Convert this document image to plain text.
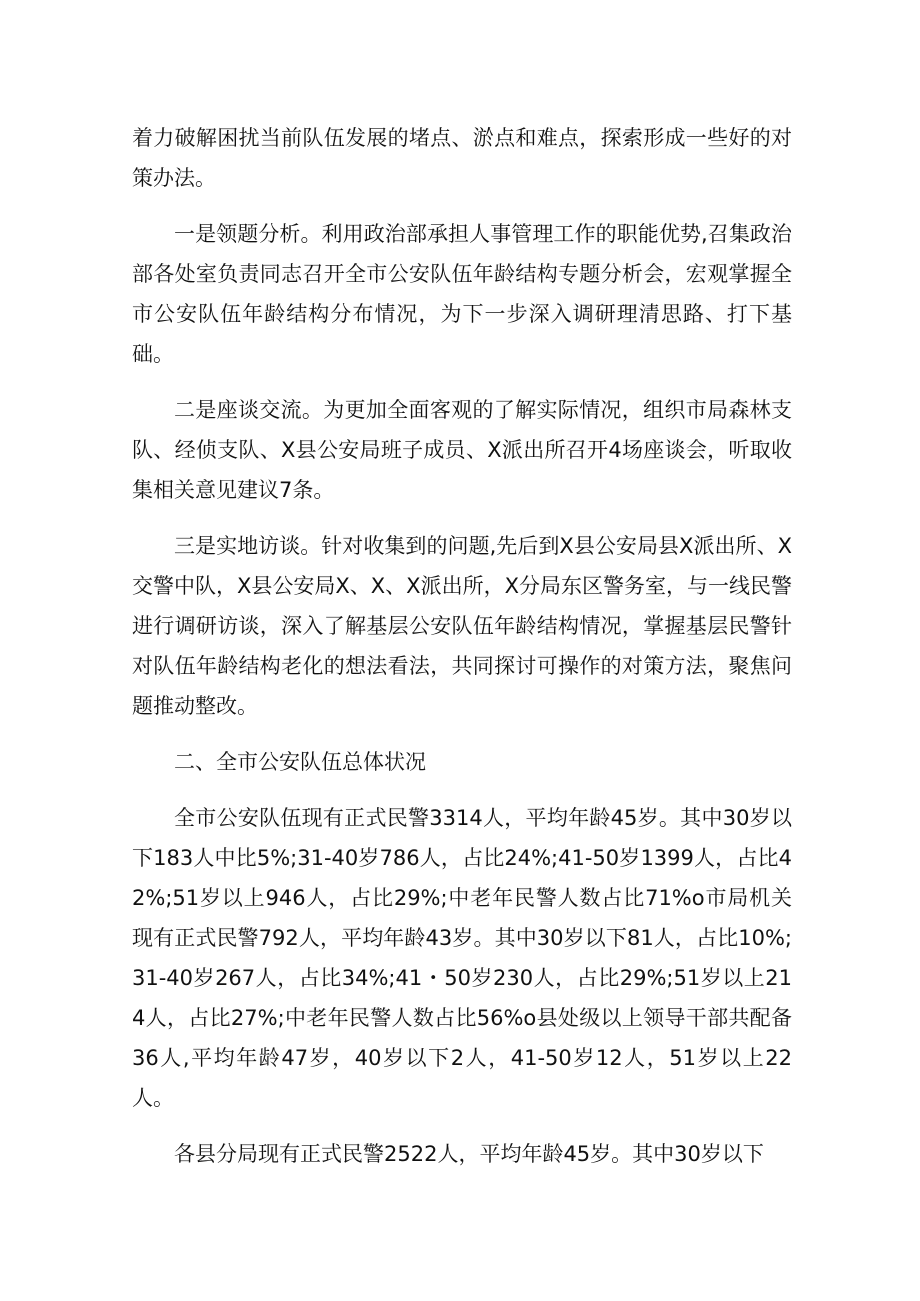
着力破解困扰当前队伍发展的堵点、淤点和难点，探索形成一些好的对策办法。

一是领题分析。利用政治部承担人事管理工作的职能优势,召集政治部各处室负责同志召开全市公安队伍年龄结构专题分析会，宏观掌握全市公安队伍年龄结构分布情况，为下一步深入调研理清思路、打下基础。

二是座谈交流。为更加全面客观的了解实际情况，组织市局森林支队、经侦支队、X县公安局班子成员、X派出所召开4场座谈会，听取收集相关意见建议7条。

三是实地访谈。针对收集到的问题,先后到X县公安局县X派出所、X交警中队，X县公安局X、X、X派出所，X分局东区警务室，与一线民警进行调研访谈，深入了解基层公安队伍年龄结构情况，掌握基层民警针对队伍年龄结构老化的想法看法，共同探讨可操作的对策方法，聚焦问题推动整改。

二、全市公安队伍总体状况

全市公安队伍现有正式民警3314人，平均年龄45岁。其中30岁以下183人中比5%;31-40岁786人，占比24%;41-50岁1399人，占比42%;51岁以上946人，占比29%;中老年民警人数占比71%o市局机关现有正式民警792人，平均年龄43岁。其中30岁以下81人，占比10%;31-40岁267人，占比34%;41・50岁230人，占比29%;51岁以上214人，占比27%;中老年民警人数占比56%o县处级以上领导干部共配备36人,平均年龄47岁，40岁以下2人，41-50岁12人，51岁以上22人。

各县分局现有正式民警2522人，平均年龄45岁。其中30岁以下
